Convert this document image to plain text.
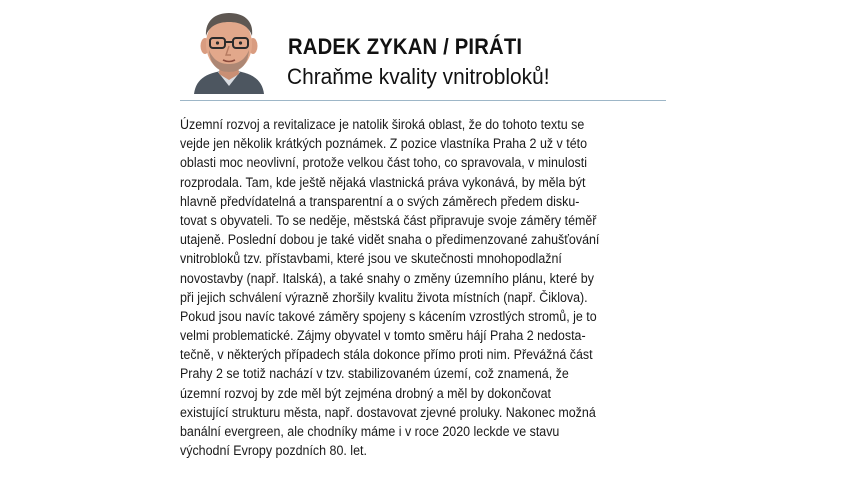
RADEK ZYKAN / PIRÁTI
Chraňme kvality vnitrobloků!
Územní rozvoj a revitalizace je natolik široká oblast, že do tohoto textu se
vejde jen několik krátkých poznámek. Z pozice vlastníka Praha 2 už v této
oblasti moc neovlivní, protože velkou část toho, co spravovala, v minulosti
rozprodala. Tam, kde ještě nějaká vlastnická práva vykonává, by měla být
hlavně předvídatelná a transparentní a o svých záměrech předem disku-
tovat s obyvateli. To se neděje, městská část připravuje svoje záměry téměř
utajeně. Poslední dobou je také vidět snaha o předimenzované zahušťování
vnitrobloků tzv. přístavbami, které jsou ve skutečnosti mnohopodlažní
novostavby (např. Italská), a také snahy o změny územního plánu, které by
při jejich schválení výrazně zhoršily kvalitu života místních (např. Čiklova).
Pokud jsou navíc takové záměry spojeny s kácením vzrostlých stromů, je to
velmi problematické. Zájmy obyvatel v tomto směru hájí Praha 2 nedosta-
tečně, v některých případech stála dokonce přímo proti nim. Převážná část
Prahy 2 se totiž nachází v tzv. stabilizovaném území, což znamená, že
územní rozvoj by zde měl být zejména drobný a měl by dokončovat
existující strukturu města, např. dostavovat zjevné proluky. Nakonec možná
banální evergreen, ale chodníky máme i v roce 2020 leckde ve stavu
východní Evropy pozdních 80. let.
